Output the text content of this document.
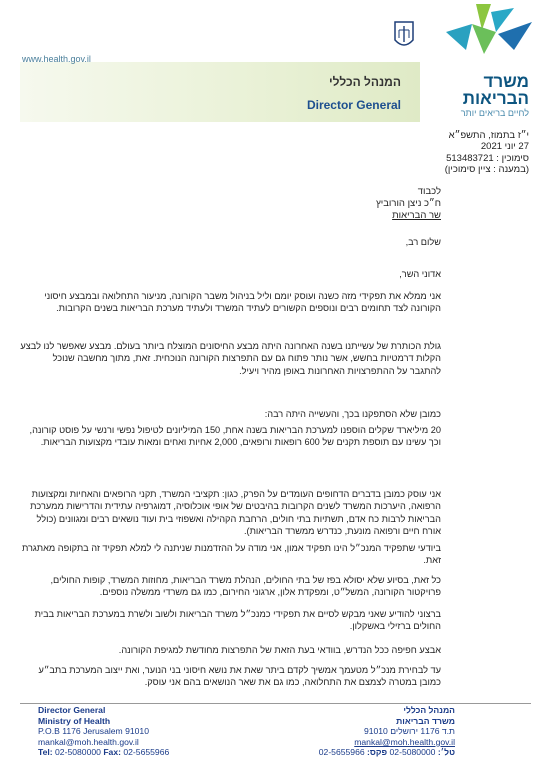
www.health.gov.il
המנהל הכללי
Director General
משרד
הבריאות
לחיים בריאים יותר
י״ז בתמוז, התשפ״א
27 יוני 2021
סימוכין : 513483721
(במענה : ציין סימוכין)
לכבוד
ח״כ ניצן הורוביץ
שר הבריאות
שלום רב,
אדוני השר,

אני ממלא את תפקידי מזה כשנה ועוסק יומם וליל בניהול משבר הקורונה, מניעור התחלואה ובמבצע חיסוני הקורונה לצד תחומים רבים ונוספים הקשורים לעתיד המשרד ולעתיד מערכת הבריאות בשנים הקרובות.

גולת הכותרת של עשייתנו בשנה האחרונה היתה מבצע החיסונים המוצלח ביותר בעולם. מבצע שאפשר לנו לבצע הקלות דרמטיות בחשש, אשר נותר פתוח גם עם התפרצות הקורונה הנוכחית. זאת, מתוך מחשבה שנוכל להתגבר על ההתפרצויות האחרונות באופן מהיר ויעיל.

כמובן שלא הסתפקנו בכך, והעשייה היתה רבה:

20 מיליארד שקלים הוספנו למערכת הבריאות בשנה אחת, 150 המיליונים לטיפול נפשי ורנשי על פוסט קורונה, וכך עשינו עם תוספת תקנים של 600 רופאות ורופאים, 2,000 אחיות ואחים ומאות עובדי מקצועות הבריאות.

אני עוסק כמובן בדברים הדחופים העומדים על הפרק, כגון: תקציבי המשרד, תקני הרופאים והאחיות ומקצועות הרפואה, היערכות המשרד לשנים הקרובות בהיבטים של אופי אוכלוסיה, דמוגרפיה עתידית והדרישות ממערכת הבריאות לרבות כח אדם, תשתיות בתי חולים, הרחבת הקהילה ואשפוזי בית ועוד נושאים רבים ומגוונים (כולל אורח חיים ורפואה מונעת, כנדרש ממשרד הבריאות).

ביודעי שתפקיד המנכ״ל הינו תפקיד אמון, אני מודה על ההזדמנות שניתנה לי למלא תפקיד זה בתקופה מאתגרת זאת.

כל זאת, בסיוע שלא יסולא בפז של בתי החולים, הנהלת משרד הבריאות, מחוזות המשרד, קופות החולים, פרויקטור הקורונה, המשל״ט, ומפקדת אלון, ארגוני החירום, כמו גם משרדי ממשלה נוספים.

ברצוני להודיע שאני מבקש לסיים את תפקידי כמנכ״ל משרד הבריאות ולשוב ולשרת במערכת הבריאות בבית החולים ברזילי באשקלון.

אבצע חפיפה ככל הנדרש, בוודאי בעת הזאת של התפרצות מחודשת למגיפת הקורונה.

עד לבחירת מנכ״ל מטעמך אמשיך לקדם ביתר שאת את נושא חיסוני בני הנוער, ואת ייצוב המערכת בתב״ע כמובן במטרה לצמצם את התחלואה, כמו גם את שאר הנושאים בהם אני עוסק.

Director General
Ministry of Health
P.O.B 1176 Jerusalem 91010
mankal@moh.health.gov.il
Tel: 02-5080000 Fax: 02-5655966
המנהל הכללי
משרד הבריאות
ת.ד 1176 ירושלים 91010
mankal@moh.health.gov.il
טל׳: 02-5080000 פקס: 02-5655966
